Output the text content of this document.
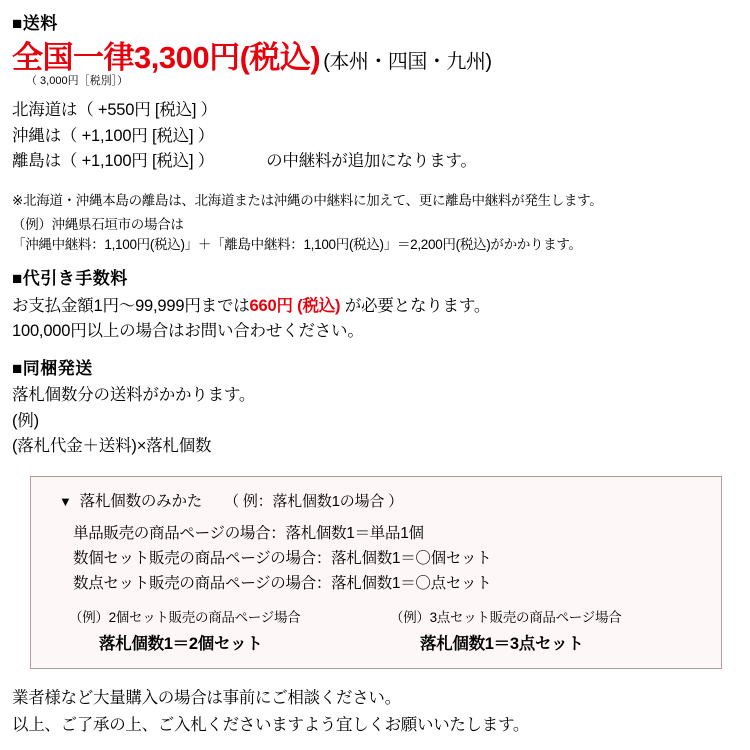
■送料
全国一律3,300円(税込) (本州・四国・九州)
（ 3,000円［税別］）
北海道は（ +550円 [税込] ）
沖縄は（ +1,100円 [税込] ）
離島は（ +1,100円 [税込] ）	の中継料が追加になります。
※北海道・沖縄本島の離島は、北海道または沖縄の中継料に加えて、更に離島中継料が発生します。
（例）沖縄県石垣市の場合は
「沖縄中継料：1,100円(税込)」＋「離島中継料：1,100円(税込)」＝2,200円(税込)がかかります。
■代引き手数料
お支払金額1円〜99,999円までは660円 (税込) が必要となります。
100,000円以上の場合はお問い合わせください。
■同梱発送
落札個数分の送料がかかります。
(例)
(落札代金＋送料)×落札個数
▼ 落札個数のみかた （ 例：落札個数1の場合 ）
単品販売の商品ページの場合：落札個数1＝単品1個
数個セット販売の商品ページの場合：落札個数1＝〇個セット
数点セット販売の商品ページの場合：落札個数1＝〇点セット
（例）2個セット販売の商品ページ場合
落札個数1＝2個セット
（例）3点セット販売の商品ページ場合
落札個数1＝3点セット
業者様など大量購入の場合は事前にご相談ください。
以上、ご了承の上、ご入札くださいますよう宜しくお願いいたします。
